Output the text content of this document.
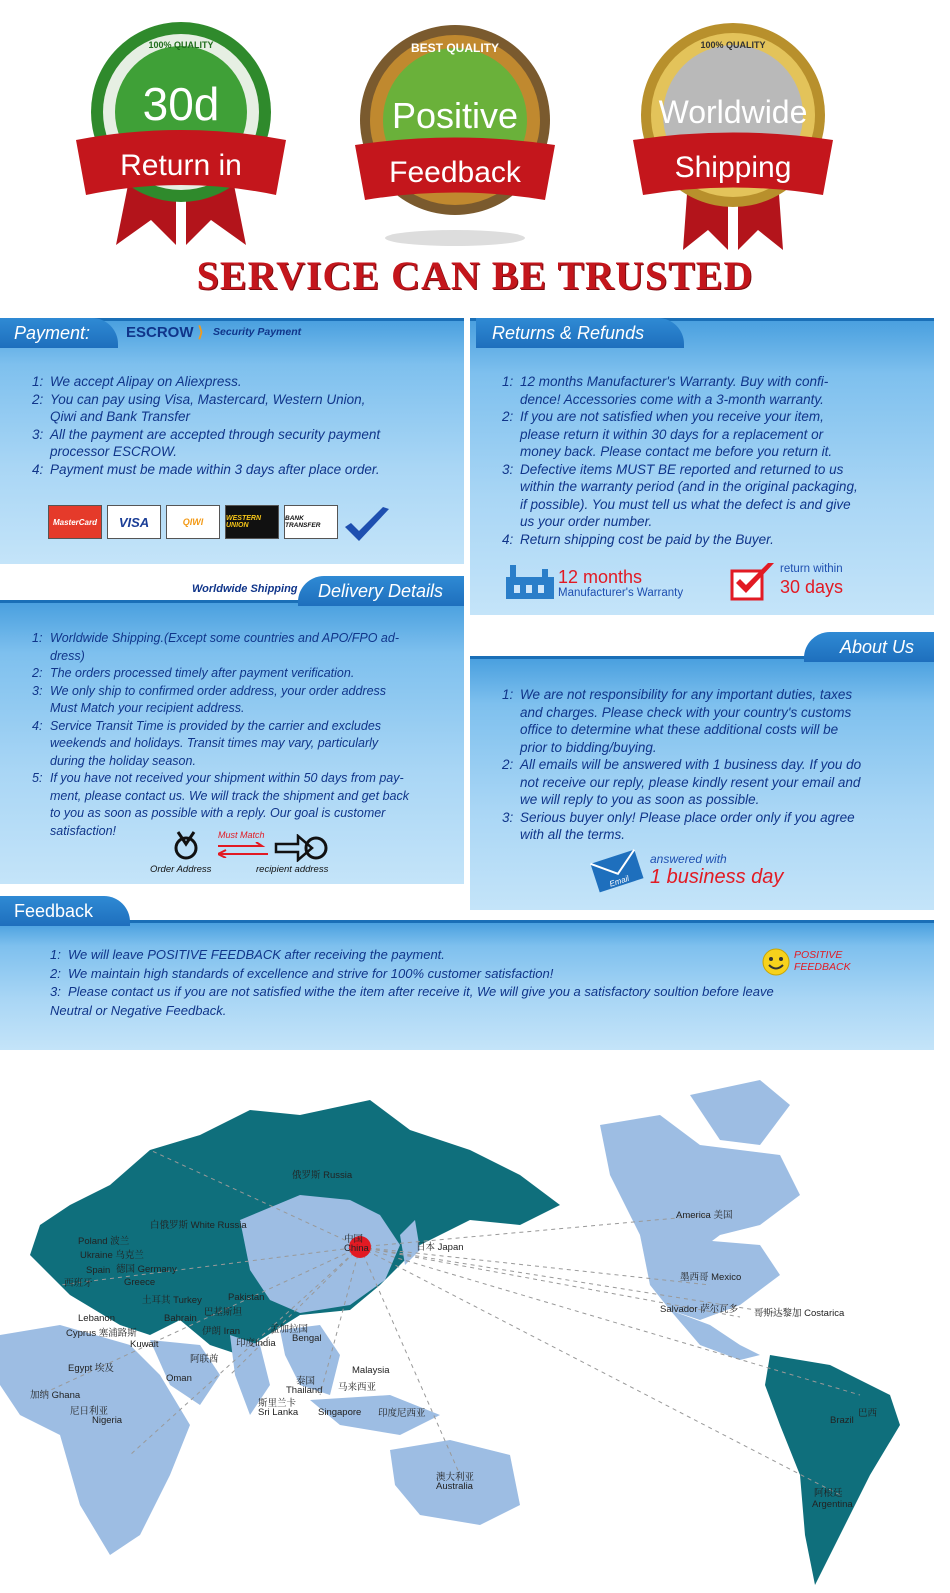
100% QUALITY
30d
Return in
BEST QUALITY
Positive
Feedback
100% QUALITY
Worldwide
Shipping
SERVICE CAN BE TRUSTED
Payment:	ESCROW ⟩ Security Payment
1: We accept Alipay on Aliexpress.
2: You can pay using Visa, Mastercard, Western Union,
Qiwi and Bank Transfer
3: All the payment are accepted through security payment
processor ESCROW.
4: Payment must be made within 3 days after place order.
MasterCard	VISA	QIWI	WESTERN UNION
BANK TRANSFER
Returns & Refunds
1: 12 months Manufacturer's Warranty. Buy with confi-
dence! Accessories come with a 3-month warranty.
2: If you are not satisfied when you receive your item,
please return it within 30 days for a replacement or
money back. Please contact me before you return it.
3: Defective items MUST BE reported and returned to us
within the warranty period (and in the original packaging,
if possible). You must tell us what the defect is and give
us your order number.
4: Return shipping cost be paid by the Buyer.
12 months
Manufacturer's Warranty
return within
30 days
Delivery Details
Worldwide Shipping
1: Worldwide Shipping.(Except some countries and APO/FPO ad-
dress)
2: The orders processed timely after payment verification.
3: We only ship to confirmed order address, your order address
Must Match your recipient address.
4: Service Transit Time is provided by the carrier and excludes
weekends and holidays. Transit times may vary, particularly
during the holiday season.
5: If you have not received your shipment within 50 days from pay-
ment, please contact us. We will track the shipment and get back
to you as soon as possible with a reply. Our goal is customer
satisfaction!	Must Match
Order Address	recipient address
About Us
1: We are not responsibility for any important duties, taxes
and charges. Please check with your country's customs
office to determine what these additional costs will be
prior to bidding/buying.
2: All emails will be answered with 1 business day. If you do
not receive our reply, please kindly resent your email and
we will reply to you as soon as possible.
3: Serious buyer only! Please place order only if you agree
with all the terms.
Email
answered with
1 business day
Feedback
1: We will leave POSITIVE FEEDBACK after receiving the payment.
2: We maintain high standards of excellence and strive for 100% customer satisfaction!
3: Please contact us if you are not satisfied withe the item after receive it, We will give you a satisfactory soultion before leave
Neutral or Negative Feedback.
POSITIVE
FEEDBACK
俄罗斯 Russia
白俄罗斯 White Russia
Poland 波兰
Ukraine 乌克兰
德国 Germany
Spain
西班牙	Greece
土耳其 Turkey	Pakistan
巴基斯坦
Lebanon
Cyprus 塞浦路斯
Bahrain
伊朗 Iran	孟加拉国
Bengal
印度India
Egypt 埃及
Kuwait
阿联酋
Oman
加纳 Ghana
尼日利亚
Nigeria
泰国
Thailand
Malaysia
马来西亚
斯里兰卡
Sri Lanka Singapore 印度尼西亚
澳大利亚
Australia
日本 Japan
中国
China
America 美国
墨西哥 Mexico
Salvador 萨尔瓦多 哥斯达黎加 Costarica
Brazil
巴西
阿根廷
Argentina
